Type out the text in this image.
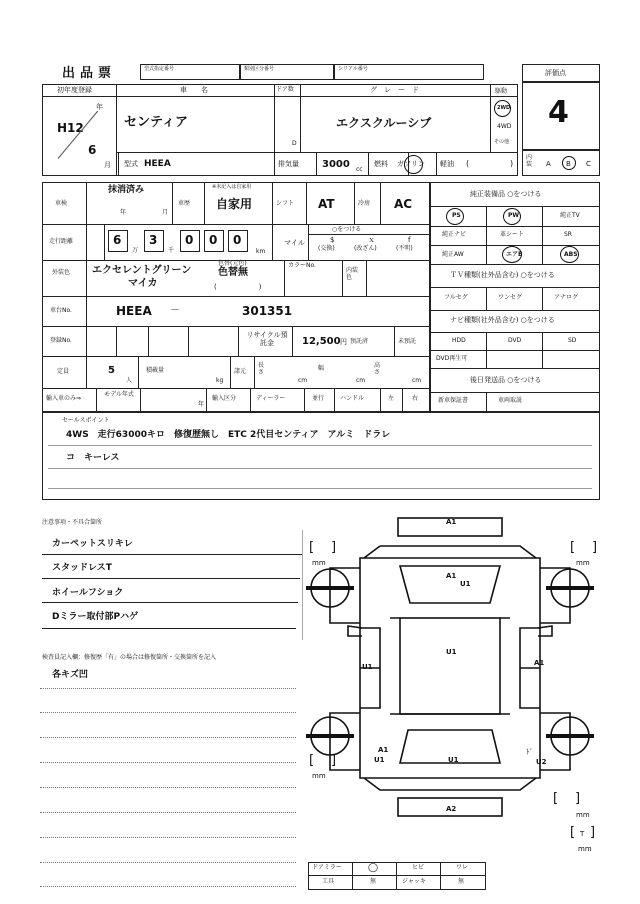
出品票	型式指定番号	類別区分番号	シリアル番号	評価点
4
初年度登録
年
H12
6
月
車　　名
センティア
型式 HEEA
ドア数
D
グ　レ　ー　ド
エクスクルーシブ
駆動
2WD
4WD
その他
排気量 3000 cc
燃料 ガソリン 軽油 (	)
内装 A B C
車検
抹消済み
年	月
車歴
※未記入は自家用
自家用	シフト AT	冷房 AC
走行距離	6
万
3
千
0 0 0
km
マイル
○をつける
$
(交換)
ｘ
(改ざん)
f
(不明)
外装色 エクセレントグリーン
マイカ
色替(元色)
色替無
(　　　　　　)
カラーNo.
内装色
車台No.	HEEA －	301351
登録No.
リサイクル預託金	12,500 円 預託済	未預託
定員	5
人
積載量
kg
諸元
長さ
cm
幅
cm
高さ
cm
輸入車のみ⇒
モデル年式
年
輸入区分	ディーラー	並行	ハンドル	左	右
純正装備品 ○をつける
PS	PW	純正TV
純正ナビ	革シート	SR
純正AW	エアB	ABS
ＴＶ種類(社外品含む) ○をつける
フルセグ	ワンセグ	アナログ
ナビ種類(社外品含む) ○をつける
HDD	DVD	SD
DVD再生可
後日発送品 ○をつける
新車保証書	車両取説
セールスポイント
4WS　走行63000キロ　修復歴無し　ETC 2代目センティア　アルミ　ドラレ
コ　キーレス
注意事項・不具合箇所
カーペットスリキレ
スタッドレスT
ホイールフショク
Dミラー取付部Pハゲ
検査員記入欄：修復歴「有」の場合は修復箇所・交換箇所を記入
各キズ凹
[ ]
mm
[ ]
mm
[ ]
mm
[ ]
mm
[ T ]
mm
A1
A1
U1
U1
U1	A1
A1
U1	U1
ﾄﾞ
U2
A2
ドアミラー	◯	ヒビ	ワレ
工具	無	ジャッキ	無
